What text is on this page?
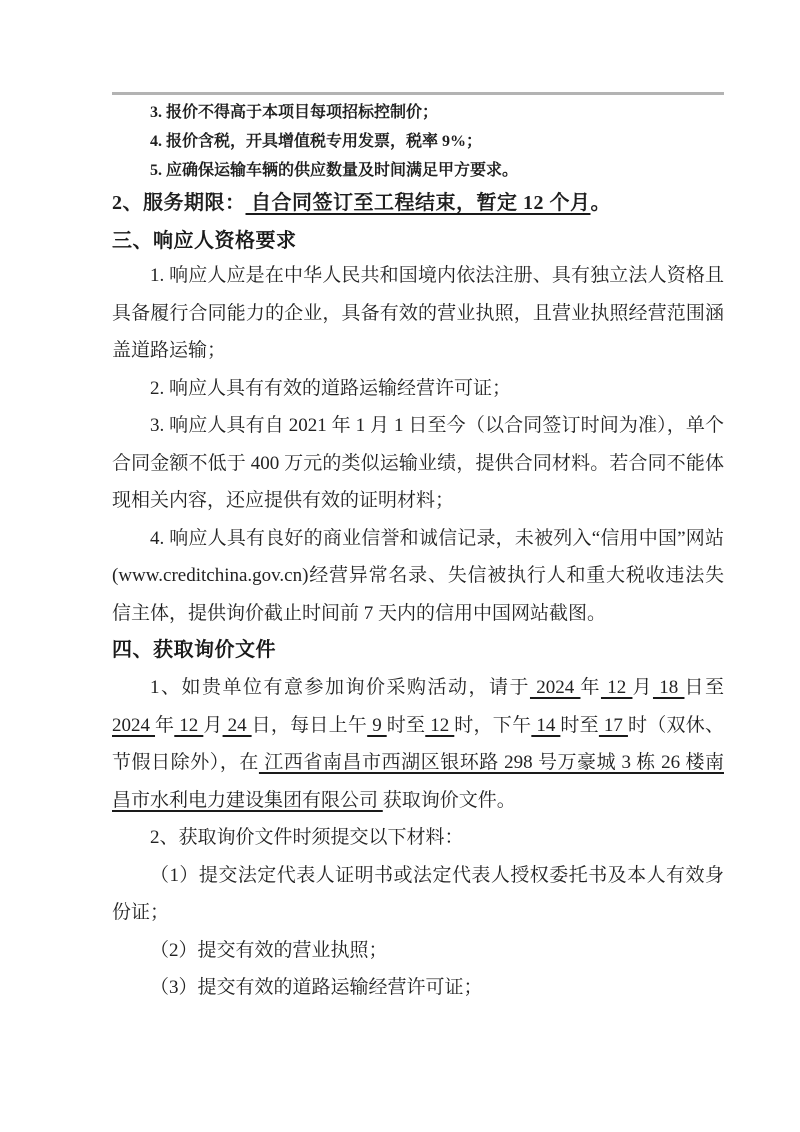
3. 报价不得高于本项目每项招标控制价；

4. 报价含税，开具增值税专用发票，税率 9%；

5. 应确保运输车辆的供应数量及时间满足甲方要求。

2、服务期限： 自合同签订至工程结束，暂定 12 个月。

三、响应人资格要求

1. 响应人应是在中华人民共和国境内依法注册、具有独立法人资格且具备履行合同能力的企业，具备有效的营业执照，且营业执照经营范围涵盖道路运输；

2. 响应人具有有效的道路运输经营许可证；

3. 响应人具有自 2021 年 1 月 1 日至今（以合同签订时间为准），单个合同金额不低于 400 万元的类似运输业绩，提供合同材料。若合同不能体现相关内容，还应提供有效的证明材料；

4. 响应人具有良好的商业信誉和诚信记录，未被列入“信用中国”网站(www.creditchina.gov.cn)经营异常名录、失信被执行人和重大税收违法失信主体，提供询价截止时间前 7 天内的信用中国网站截图。

四、获取询价文件

1、如贵单位有意参加询价采购活动，请于 2024 年 12 月 18 日至 2024 年 12 月 24 日，每日上午 9 时至 12 时，下午 14 时至 17 时（双休、节假日除外），在 江西省南昌市西湖区银环路 298 号万豪城 3 栋 26 楼南昌市水利电力建设集团有限公司 获取询价文件。

2、获取询价文件时须提交以下材料：

（1）提交法定代表人证明书或法定代表人授权委托书及本人有效身份证；

（2）提交有效的营业执照；

（3）提交有效的道路运输经营许可证；
